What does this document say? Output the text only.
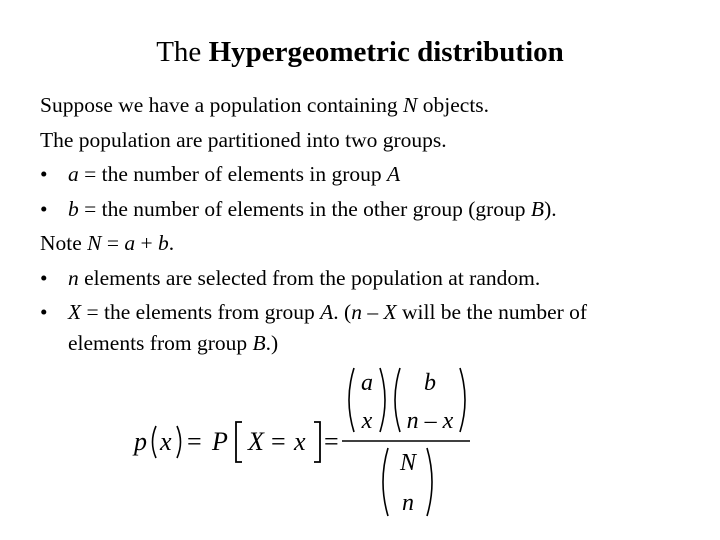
The Hypergeometric distribution
Suppose we have a population containing N objects.
The population are partitioned into two groups.
• a = the number of elements in group A
• b = the number of elements in the other group (group B).
Note N = a + b.
• n elements are selected from the population at random.
• X = the elements from group A. (n – X will be the number of
elements from group B.)
p x = P X = x =
a
x
b
n – x
N
n
